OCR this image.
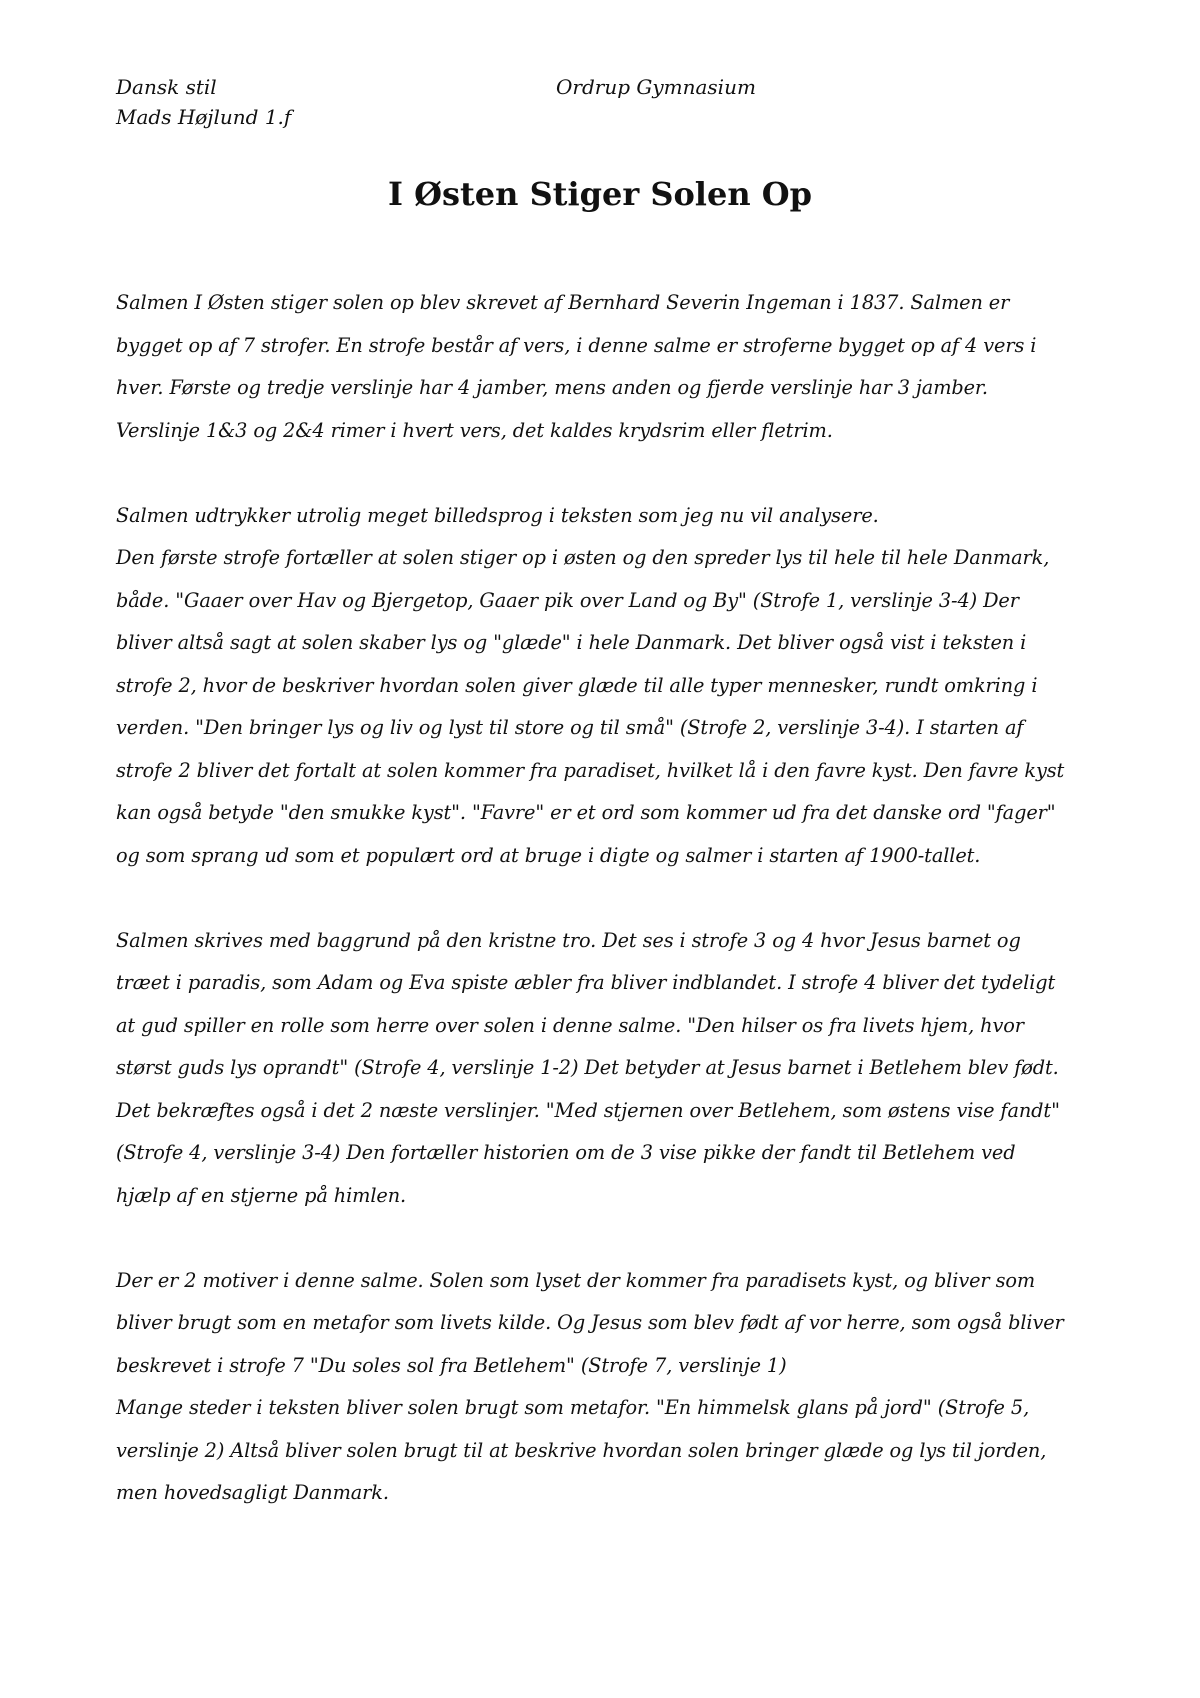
Dansk stil
Mads Højlund 1.f
Ordrup Gymnasium
I Østen Stiger Solen Op
Salmen I Østen stiger solen op blev skrevet af Bernhard Severin Ingeman i 1837. Salmen er
bygget op af 7 strofer. En strofe består af vers, i denne salme er stroferne bygget op af 4 vers i
hver. Første og tredje verslinje har 4 jamber, mens anden og fjerde verslinje har 3 jamber.
Verslinje 1&3 og 2&4 rimer i hvert vers, det kaldes krydsrim eller fletrim.
Salmen udtrykker utrolig meget billedsprog i teksten som jeg nu vil analysere.
Den første strofe fortæller at solen stiger op i østen og den spreder lys til hele til hele Danmark,
både. "Gaaer over Hav og Bjergetop, Gaaer pik over Land og By" (Strofe 1, verslinje 3-4) Der
bliver altså sagt at solen skaber lys og "glæde" i hele Danmark. Det bliver også vist i teksten i
strofe 2, hvor de beskriver hvordan solen giver glæde til alle typer mennesker, rundt omkring i
verden. "Den bringer lys og liv og lyst til store og til små" (Strofe 2, verslinje 3-4). I starten af
strofe 2 bliver det fortalt at solen kommer fra paradiset, hvilket lå i den favre kyst. Den favre kyst
kan også betyde "den smukke kyst". "Favre" er et ord som kommer ud fra det danske ord "fager"
og som sprang ud som et populært ord at bruge i digte og salmer i starten af 1900-tallet.
Salmen skrives med baggrund på den kristne tro. Det ses i strofe 3 og 4 hvor Jesus barnet og
træet i paradis, som Adam og Eva spiste æbler fra bliver indblandet. I strofe 4 bliver det tydeligt
at gud spiller en rolle som herre over solen i denne salme. "Den hilser os fra livets hjem, hvor
størst guds lys oprandt" (Strofe 4, verslinje 1-2) Det betyder at Jesus barnet i Betlehem blev født.
Det bekræftes også i det 2 næste verslinjer. "Med stjernen over Betlehem, som østens vise fandt"
(Strofe 4, verslinje 3-4) Den fortæller historien om de 3 vise pikke der fandt til Betlehem ved
hjælp af en stjerne på himlen.
Der er 2 motiver i denne salme. Solen som lyset der kommer fra paradisets kyst, og bliver som
bliver brugt som en metafor som livets kilde. Og Jesus som blev født af vor herre, som også bliver
beskrevet i strofe 7 "Du soles sol fra Betlehem" (Strofe 7, verslinje 1)
Mange steder i teksten bliver solen brugt som metafor. "En himmelsk glans på jord" (Strofe 5,
verslinje 2) Altså bliver solen brugt til at beskrive hvordan solen bringer glæde og lys til jorden,
men hovedsagligt Danmark.
